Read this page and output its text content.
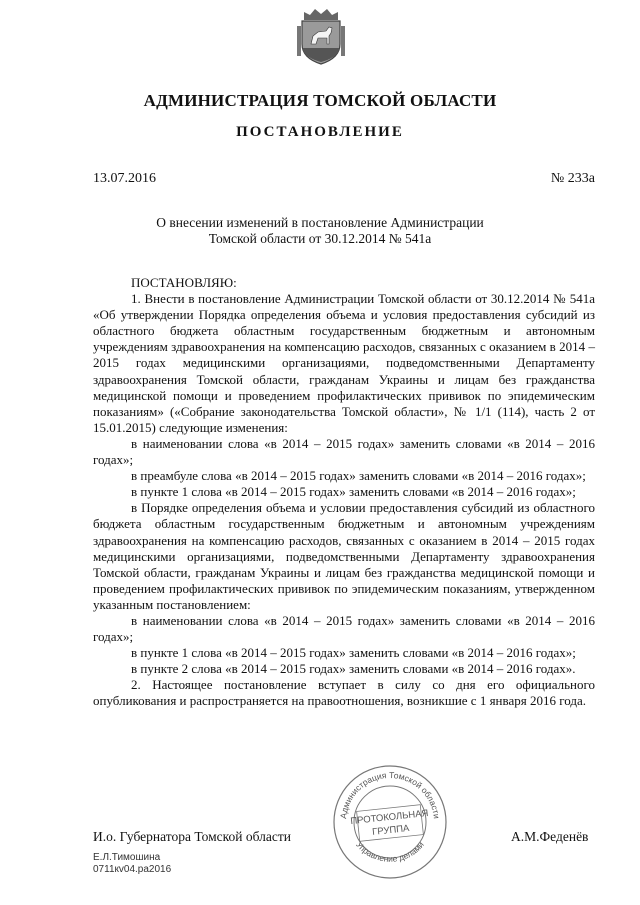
АДМИНИСТРАЦИЯ ТОМСКОЙ ОБЛАСТИ
ПОСТАНОВЛЕНИЕ
13.07.2016	№ 233а
О внесении изменений в постановление Администрации
Томской области от 30.12.2014 № 541а

ПОСТАНОВЛЯЮ:

1. Внести в постановление Администрации Томской области от 30.12.2014 № 541а «Об утверждении Порядка определения объема и условия предоставления субсидий из областного бюджета областным государственным бюджетным и автономным учреждениям здравоохранения на компенсацию расходов, связанных с оказанием в 2014 – 2015 годах медицинскими организациями, подведомственными Департаменту здравоохранения Томской области, гражданам Украины и лицам без гражданства медицинской помощи и проведением профилактических прививок по эпидемическим показаниям» («Собрание законодательства Томской области», № 1/1 (114), часть 2 от 15.01.2015) следующие изменения:

в наименовании слова «в 2014 – 2015 годах» заменить словами «в 2014 – 2016 годах»;

в преамбуле слова «в 2014 – 2015 годах» заменить словами «в 2014 – 2016 годах»;

в пункте 1 слова «в 2014 – 2015 годах» заменить словами «в 2014 – 2016 годах»;

в Порядке определения объема и условии предоставления субсидий из областного бюджета областным государственным бюджетным и автономным учреждениям здравоохранения на компенсацию расходов, связанных с оказанием в 2014 – 2015 годах медицинскими организациями, подведомственными Департаменту здравоохранения Томской области, гражданам Украины и лицам без гражданства медицинской помощи и проведением профилактических прививок по эпидемическим показаниям, утвержденном указанным постановлением:

в наименовании слова «в 2014 – 2015 годах» заменить словами «в 2014 – 2016 годах»;

в пункте 1 слова «в 2014 – 2015 годах» заменить словами «в 2014 – 2016 годах»;

в пункте 2 слова «в 2014 – 2015 годах» заменить словами «в 2014 – 2016 годах».

2. Настоящее постановление вступает в силу со дня его официального опубликования и распространяется на правоотношения, возникшие с 1 января 2016 года.

И.о. Губернатора Томской области	А.М.Феденёв
Е.Л.Тимошина
0711кv04.ра2016
Администрация Томской области
Управление делами
ПРОТОКОЛЬНАЯ
ГРУППА
